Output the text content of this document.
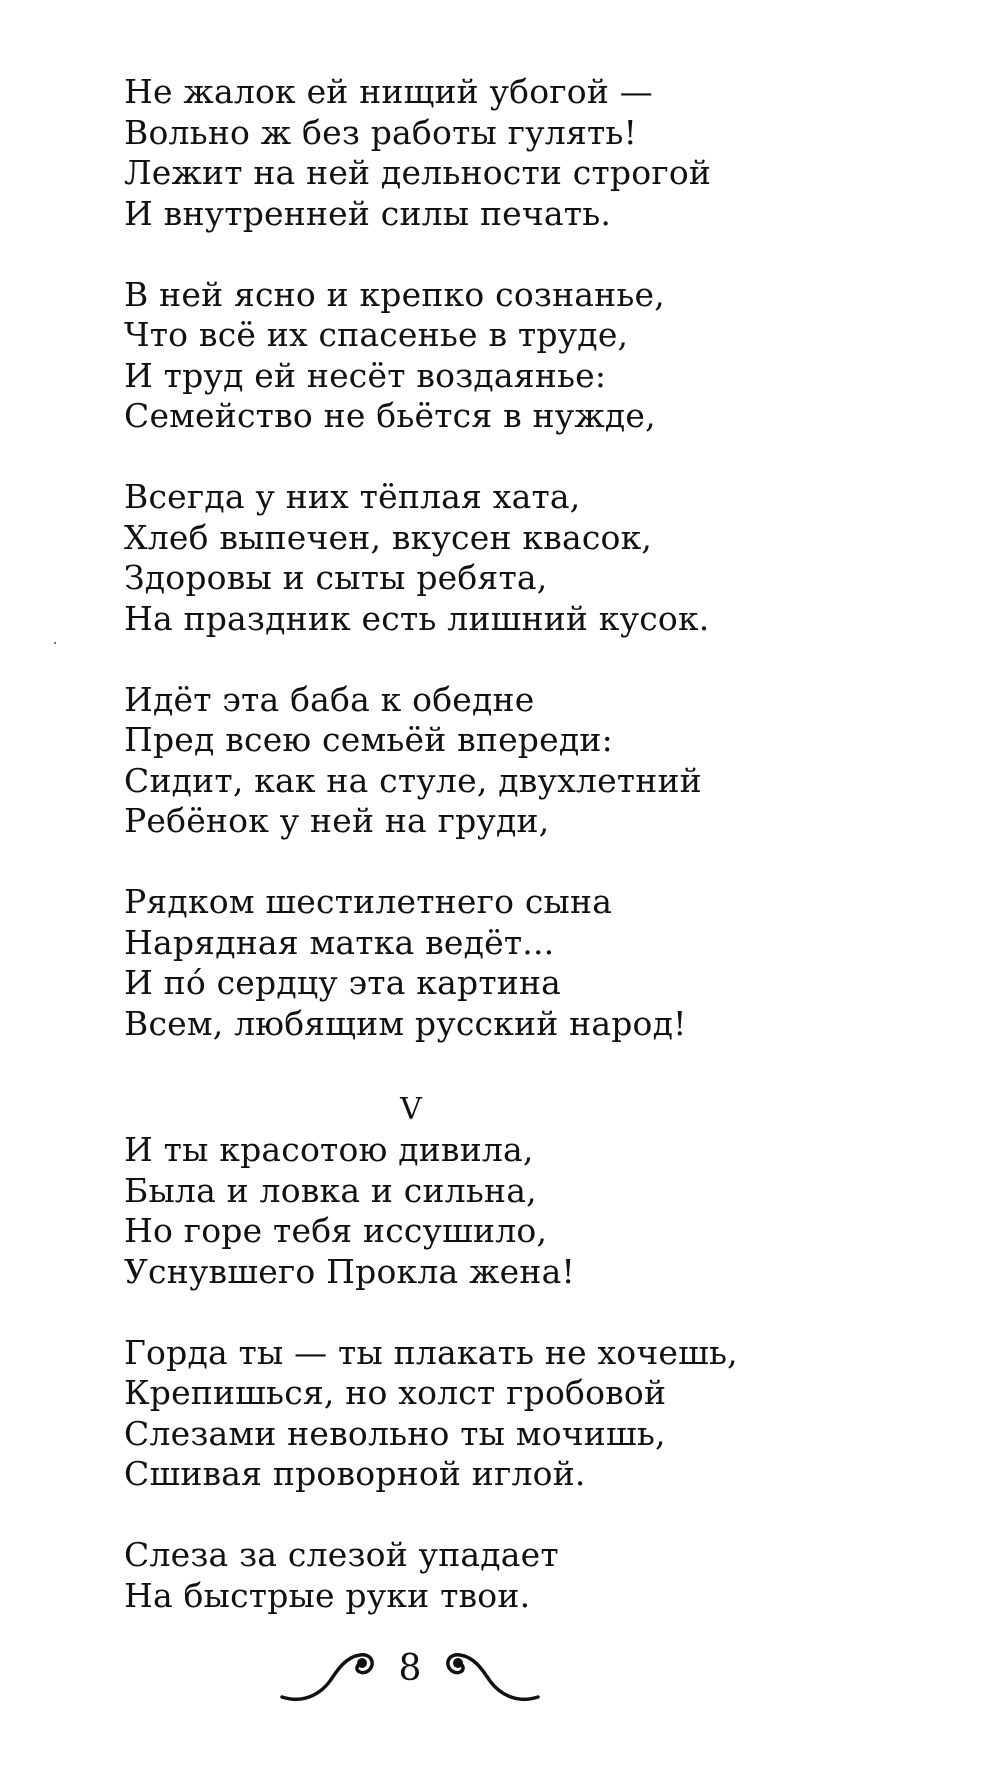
Не жалок ей нищий убогой —
Вольно ж без работы гулять!
Лежит на ней дельности строгой
И внутренней силы печать.
В ней ясно и крепко сознанье,
Что всё их спасенье в труде,
И труд ей несёт воздаянье:
Семейство не бьётся в нужде,
Всегда у них тёплая хата,
Хлеб выпечен, вкусен квасок,
Здоровы и сыты ребята,
На праздник есть лишний кусок.
Идёт эта баба к обедне
Пред всею семьёй впереди:
Сидит, как на стуле, двухлетний
Ребёнок у ней на груди,
Рядком шестилетнего сына
Нарядная матка ведёт...
И по́ сердцу эта картина
Всем, любящим русский народ!
V
И ты красотою дивила,
Была и ловка и сильна,
Но горе тебя иссушило,
Уснувшего Прокла жена!
Горда ты — ты плакать не хочешь,
Крепишься, но холст гробовой
Слезами невольно ты мочишь,
Сшивая проворной иглой.
Слеза за слезой упадает
На быстрые руки твои.
8
